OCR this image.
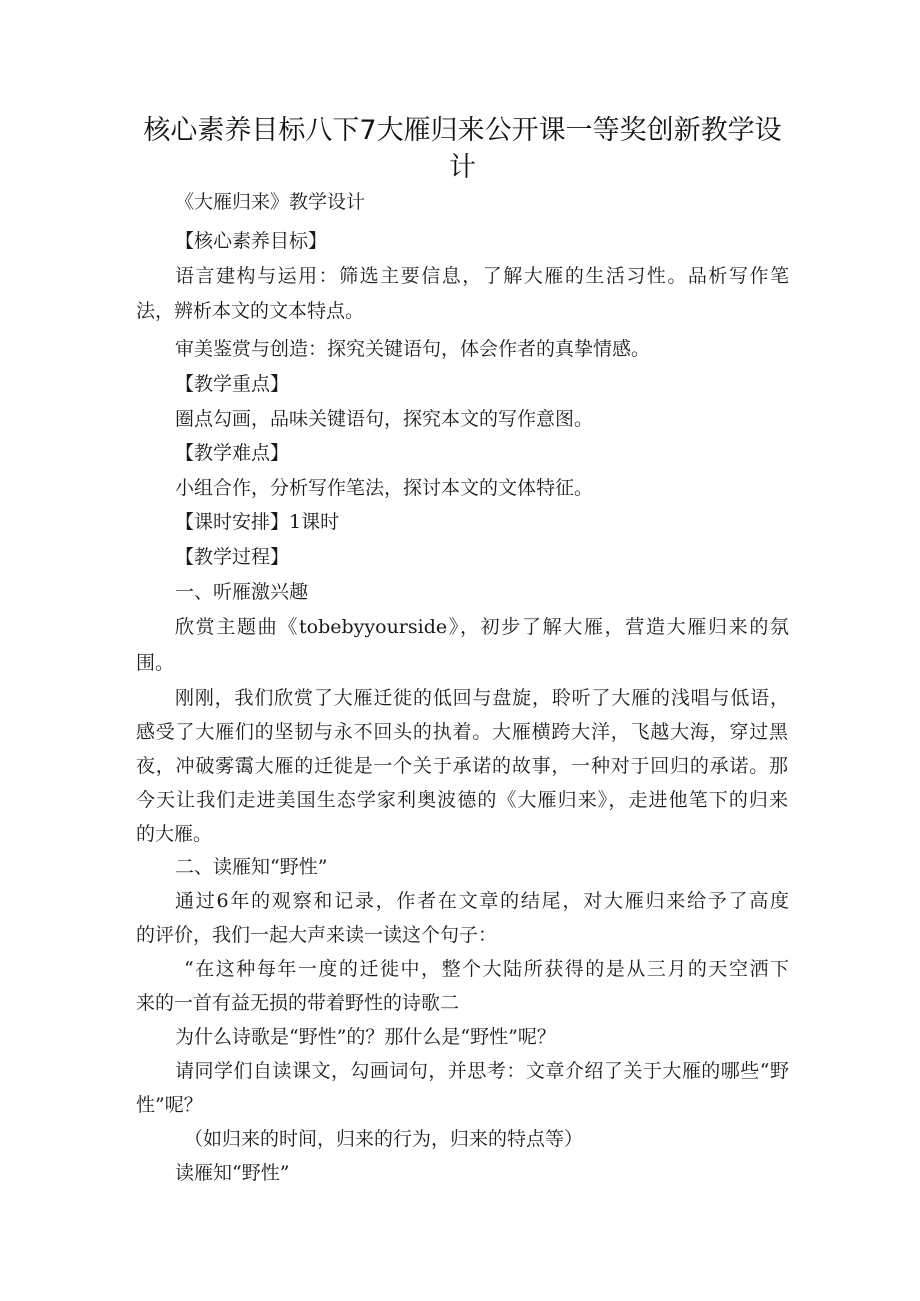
核心素养目标八下7大雁归来公开课一等奖创新教学设计

《大雁归来》教学设计

【核心素养目标】

语言建构与运用：筛选主要信息，了解大雁的生活习性。品析写作笔

法，辨析本文的文本特点。

审美鉴赏与创造：探究关键语句，体会作者的真挚情感。

【教学重点】

圈点勾画，品味关键语句，探究本文的写作意图。

【教学难点】

小组合作，分析写作笔法，探讨本文的文体特征。

【课时安排】1课时

【教学过程】

一、听雁激兴趣

欣赏主题曲《tobebyyourside》，初步了解大雁，营造大雁归来的氛

围。

刚刚，我们欣赏了大雁迁徙的低回与盘旋，聆听了大雁的浅唱与低语，

感受了大雁们的坚韧与永不回头的执着。大雁横跨大洋，飞越大海，穿过黑

夜，冲破雾霭大雁的迁徙是一个关于承诺的故事，一种对于回归的承诺。那

今天让我们走进美国生态学家利奥波德的《大雁归来》，走进他笔下的归来

的大雁。

二、读雁知“野性”

通过6年的观察和记录，作者在文章的结尾，对大雁归来给予了高度

的评价，我们一起大声来读一读这个句子：

“在这种每年一度的迁徙中，整个大陆所获得的是从三月的天空洒下

来的一首有益无损的带着野性的诗歌二

为什么诗歌是“野性”的？那什么是“野性”呢？

请同学们自读课文，勾画词句，并思考：文章介绍了关于大雁的哪些“野

性”呢？

（如归来的时间，归来的行为，归来的特点等）

读雁知“野性”
